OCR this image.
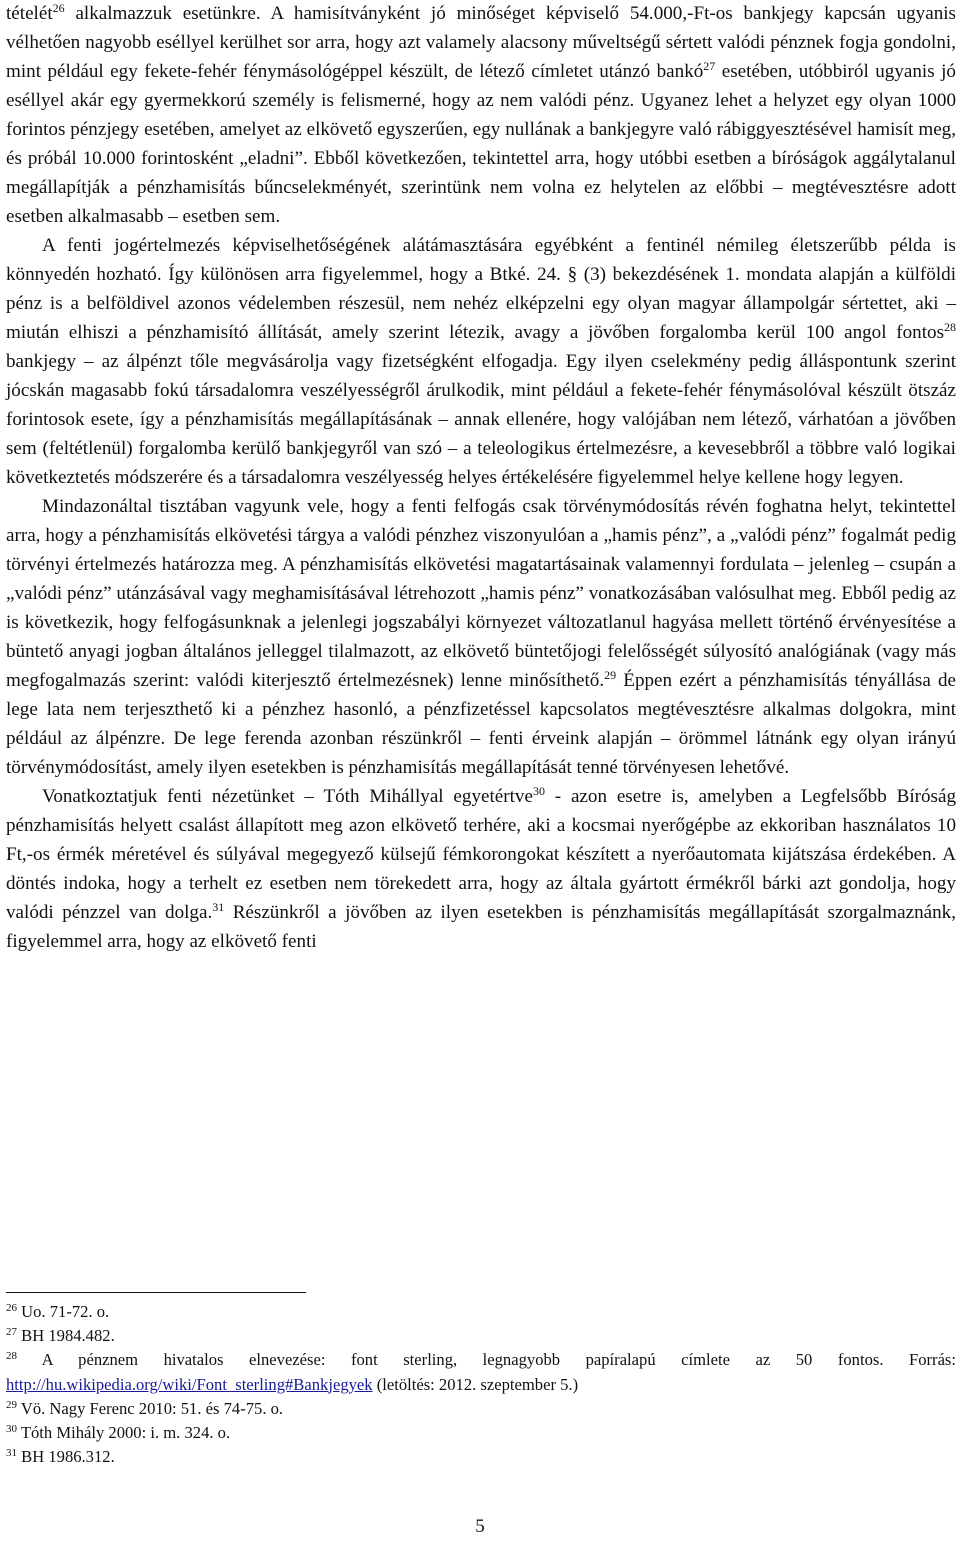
tételét$^{26}$ alkalmazzuk esetünkre. A hamisítványként jó minőséget képviselő 54.000,-Ft-os bankjegy kapcsán ugyanis vélhetően nagyobb eséllyel kerülhet sor arra, hogy azt valamely alacsony műveltségű sértett valódi pénznek fogja gondolni, mint például egy fekete-fehér fénymásológéppel készült, de létező címletet utánzó bankó$^{27}$ esetében, utóbbiról ugyanis jó eséllyel akár egy gyermekkorú személy is felismerné, hogy az nem valódi pénz. Ugyanez lehet a helyzet egy olyan 1000 forintos pénzjegy esetében, amelyet az elkövető egyszerűen, egy nullának a bankjegyre való rábiggyesztésével hamisít meg, és próbál 10.000 forintosként „eladni”. Ebből következően, tekintettel arra, hogy utóbbi esetben a bíróságok aggálytalanul megállapítják a pénzhamisítás bűncselekményét, szerintünk nem volna ez helytelen az előbbi – megtévesztésre adott esetben alkalmasabb – esetben sem.

A fenti jogértelmezés képviselhetőségének alátámasztására egyébként a fentinél némileg életszerűbb példa is könnyedén hozható. Így különösen arra figyelemmel, hogy a Btké. 24. § (3) bekezdésének 1. mondata alapján a külföldi pénz is a belföldivel azonos védelemben részesül, nem nehéz elképzelni egy olyan magyar állampolgár sértettet, aki – miután elhiszi a pénzhamisító állítását, amely szerint létezik, avagy a jövőben forgalomba kerül 100 angol fontos$^{28}$ bankjegy – az álpénzt tőle megvásárolja vagy fizetségként elfogadja. Egy ilyen cselekmény pedig álláspontunk szerint jócskán magasabb fokú társadalomra veszélyességről árulkodik, mint például a fekete-fehér fénymásolóval készült ötszáz forintosok esete, így a pénzhamisítás megállapításának – annak ellenére, hogy valójában nem létező, várhatóan a jövőben sem (feltétlenül) forgalomba kerülő bankjegyről van szó – a teleologikus értelmezésre, a kevesebbről a többre való logikai következtetés módszerére és a társadalomra veszélyesség helyes értékelésére figyelemmel helye kellene hogy legyen.

Mindazonáltal tisztában vagyunk vele, hogy a fenti felfogás csak törvénymódosítás révén foghatna helyt, tekintettel arra, hogy a pénzhamisítás elkövetési tárgya a valódi pénzhez viszonyulóan a „hamis pénz”, a „valódi pénz” fogalmát pedig törvényi értelmezés határozza meg. A pénzhamisítás elkövetési magatartásainak valamennyi fordulata – jelenleg – csupán a „valódi pénz” utánzásával vagy meghamisításával létrehozott „hamis pénz” vonatkozásában valósulhat meg. Ebből pedig az is következik, hogy felfogásunknak a jelenlegi jogszabályi környezet változatlanul hagyása mellett történő érvényesítése a büntető anyagi jogban általános jelleggel tilalmazott, az elkövető büntetőjogi felelősségét súlyosító analógiának (vagy más megfogalmazás szerint: valódi kiterjesztő értelmezésnek) lenne minősíthető.$^{29}$ Éppen ezért a pénzhamisítás tényállása de lege lata nem terjeszthető ki a pénzhez hasonló, a pénzfizetéssel kapcsolatos megtévesztésre alkalmas dolgokra, mint például az álpénzre. De lege ferenda azonban részünkről – fenti érveink alapján – örömmel látnánk egy olyan irányú törvénymódosítást, amely ilyen esetekben is pénzhamisítás megállapítását tenné törvényesen lehetővé.

Vonatkoztatjuk fenti nézetünket – Tóth Mihállyal egyetértve$^{30}$ - azon esetre is, amelyben a Legfelsőbb Bíróság pénzhamisítás helyett csalást állapított meg azon elkövető terhére, aki a kocsmai nyerőgépbe az ekkoriban használatos 10 Ft,-os érmék méretével és súlyával megegyező külsejű fémkorongokat készített a nyerőautomata kijátszása érdekében. A döntés indoka, hogy a terhelt ez esetben nem törekedett arra, hogy az általa gyártott érmékről bárki azt gondolja, hogy valódi pénzzel van dolga.$^{31}$ Részünkről a jövőben az ilyen esetekben is pénzhamisítás megállapítását szorgalmaznánk, figyelemmel arra, hogy az elkövető fenti

$^{26}$ Uo. 71-72. o.

$^{27}$ BH 1984.482.

$^{28}$ A pénznem hivatalos elnevezése: font sterling, legnagyobb papíralapú címlete az 50 fontos. Forrás: http://hu.wikipedia.org/wiki/Font_sterling#Bankjegyek (letöltés: 2012. szeptember 5.)

$^{29}$ Vö. Nagy Ferenc 2010: 51. és 74-75. o.

$^{30}$ Tóth Mihály 2000: i. m. 324. o.

$^{31}$ BH 1986.312.

5
